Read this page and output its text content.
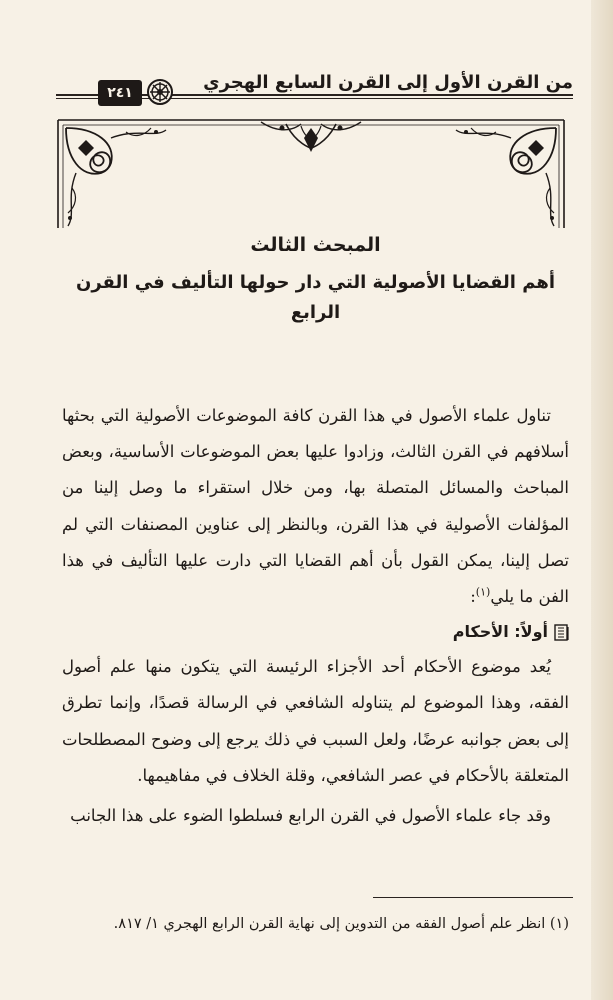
من القرن الأول إلى القرن السابع الهجري
٢٤١
المبحث الثالث
أهم القضايا الأصولية التي دار حولها التأليف في القرن الرابع

تناول علماء الأصول في هذا القرن كافة الموضوعات الأصولية التي بحثها أسلافهم في القرن الثالث، وزادوا عليها بعض الموضوعات الأساسية، وبعض المباحث والمسائل المتصلة بها، ومن خلال استقراء ما وصل إلينا من المؤلفات الأصولية في هذا القرن، وبالنظر إلى عناوين المصنفات التي لم تصل إلينا، يمكن القول بأن أهم القضايا التي دارت عليها التأليف في هذا الفن ما يلي$^{(١)}$:

أولاً: الأحكام

يُعد موضوع الأحكام أحد الأجزاء الرئيسة التي يتكون منها علم أصول الفقه، وهذا الموضوع لم يتناوله الشافعي في الرسالة قصدًا، وإنما تطرق إلى بعض جوانبه عرضًا، ولعل السبب في ذلك يرجع إلى وضوح المصطلحات المتعلقة بالأحكام في عصر الشافعي، وقلة الخلاف في مفاهيمها.

وقد جاء علماء الأصول في القرن الرابع فسلطوا الضوء على هذا الجانب

(١) انظر علم أصول الفقه من التدوين إلى نهاية القرن الرابع الهجري ١/ ٨١٧.
